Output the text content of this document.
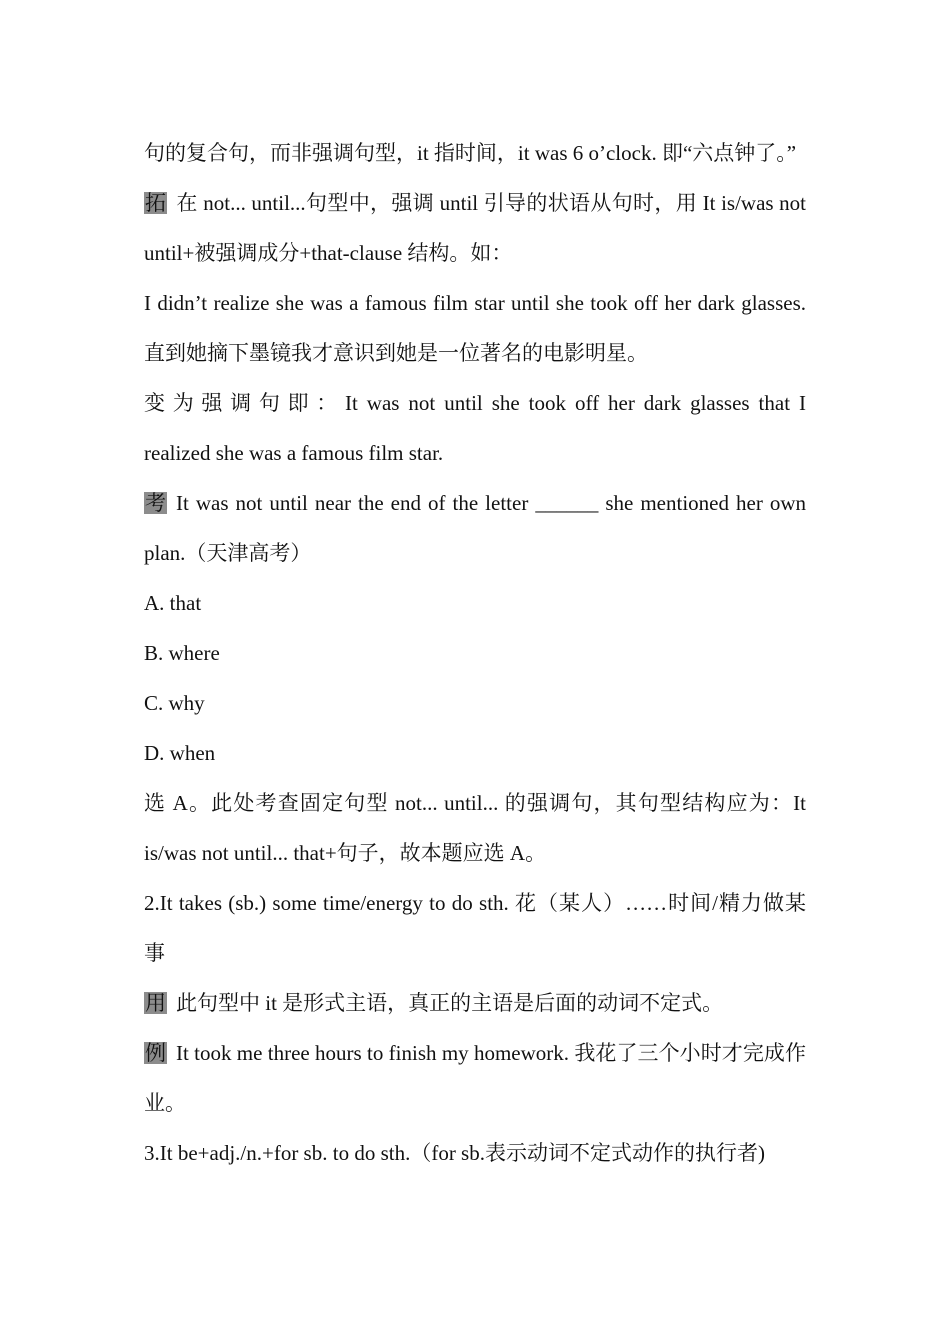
句的复合句，而非强调句型，it 指时间，it was 6 o’clock. 即“六点钟了。”

拓 在 not... until...句型中，强调 until 引导的状语从句时，用 It is/was not until+被强调成分+that-clause 结构。如：

I didn’t realize she was a famous film star until she took off her dark glasses. 直到她摘下墨镜我才意识到她是一位著名的电影明星。

变为强调句即：It was not until she took off her dark glasses that I realized she was a famous film star.

考 It was not until near the end of the letter ______ she mentioned her own plan.（天津高考）

A. that

B. where

C. why

D. when

选 A。此处考查固定句型 not... until... 的强调句，其句型结构应为：It is/was not until... that+句子，故本题应选 A。

2.It takes (sb.) some time/energy to do sth. 花（某人）……时间/精力做某事

用 此句型中 it 是形式主语，真正的主语是后面的动词不定式。

例 It took me three hours to finish my homework. 我花了三个小时才完成作业。

3.It be+adj./n.+for sb. to do sth.（for sb.表示动词不定式动作的执行者)
